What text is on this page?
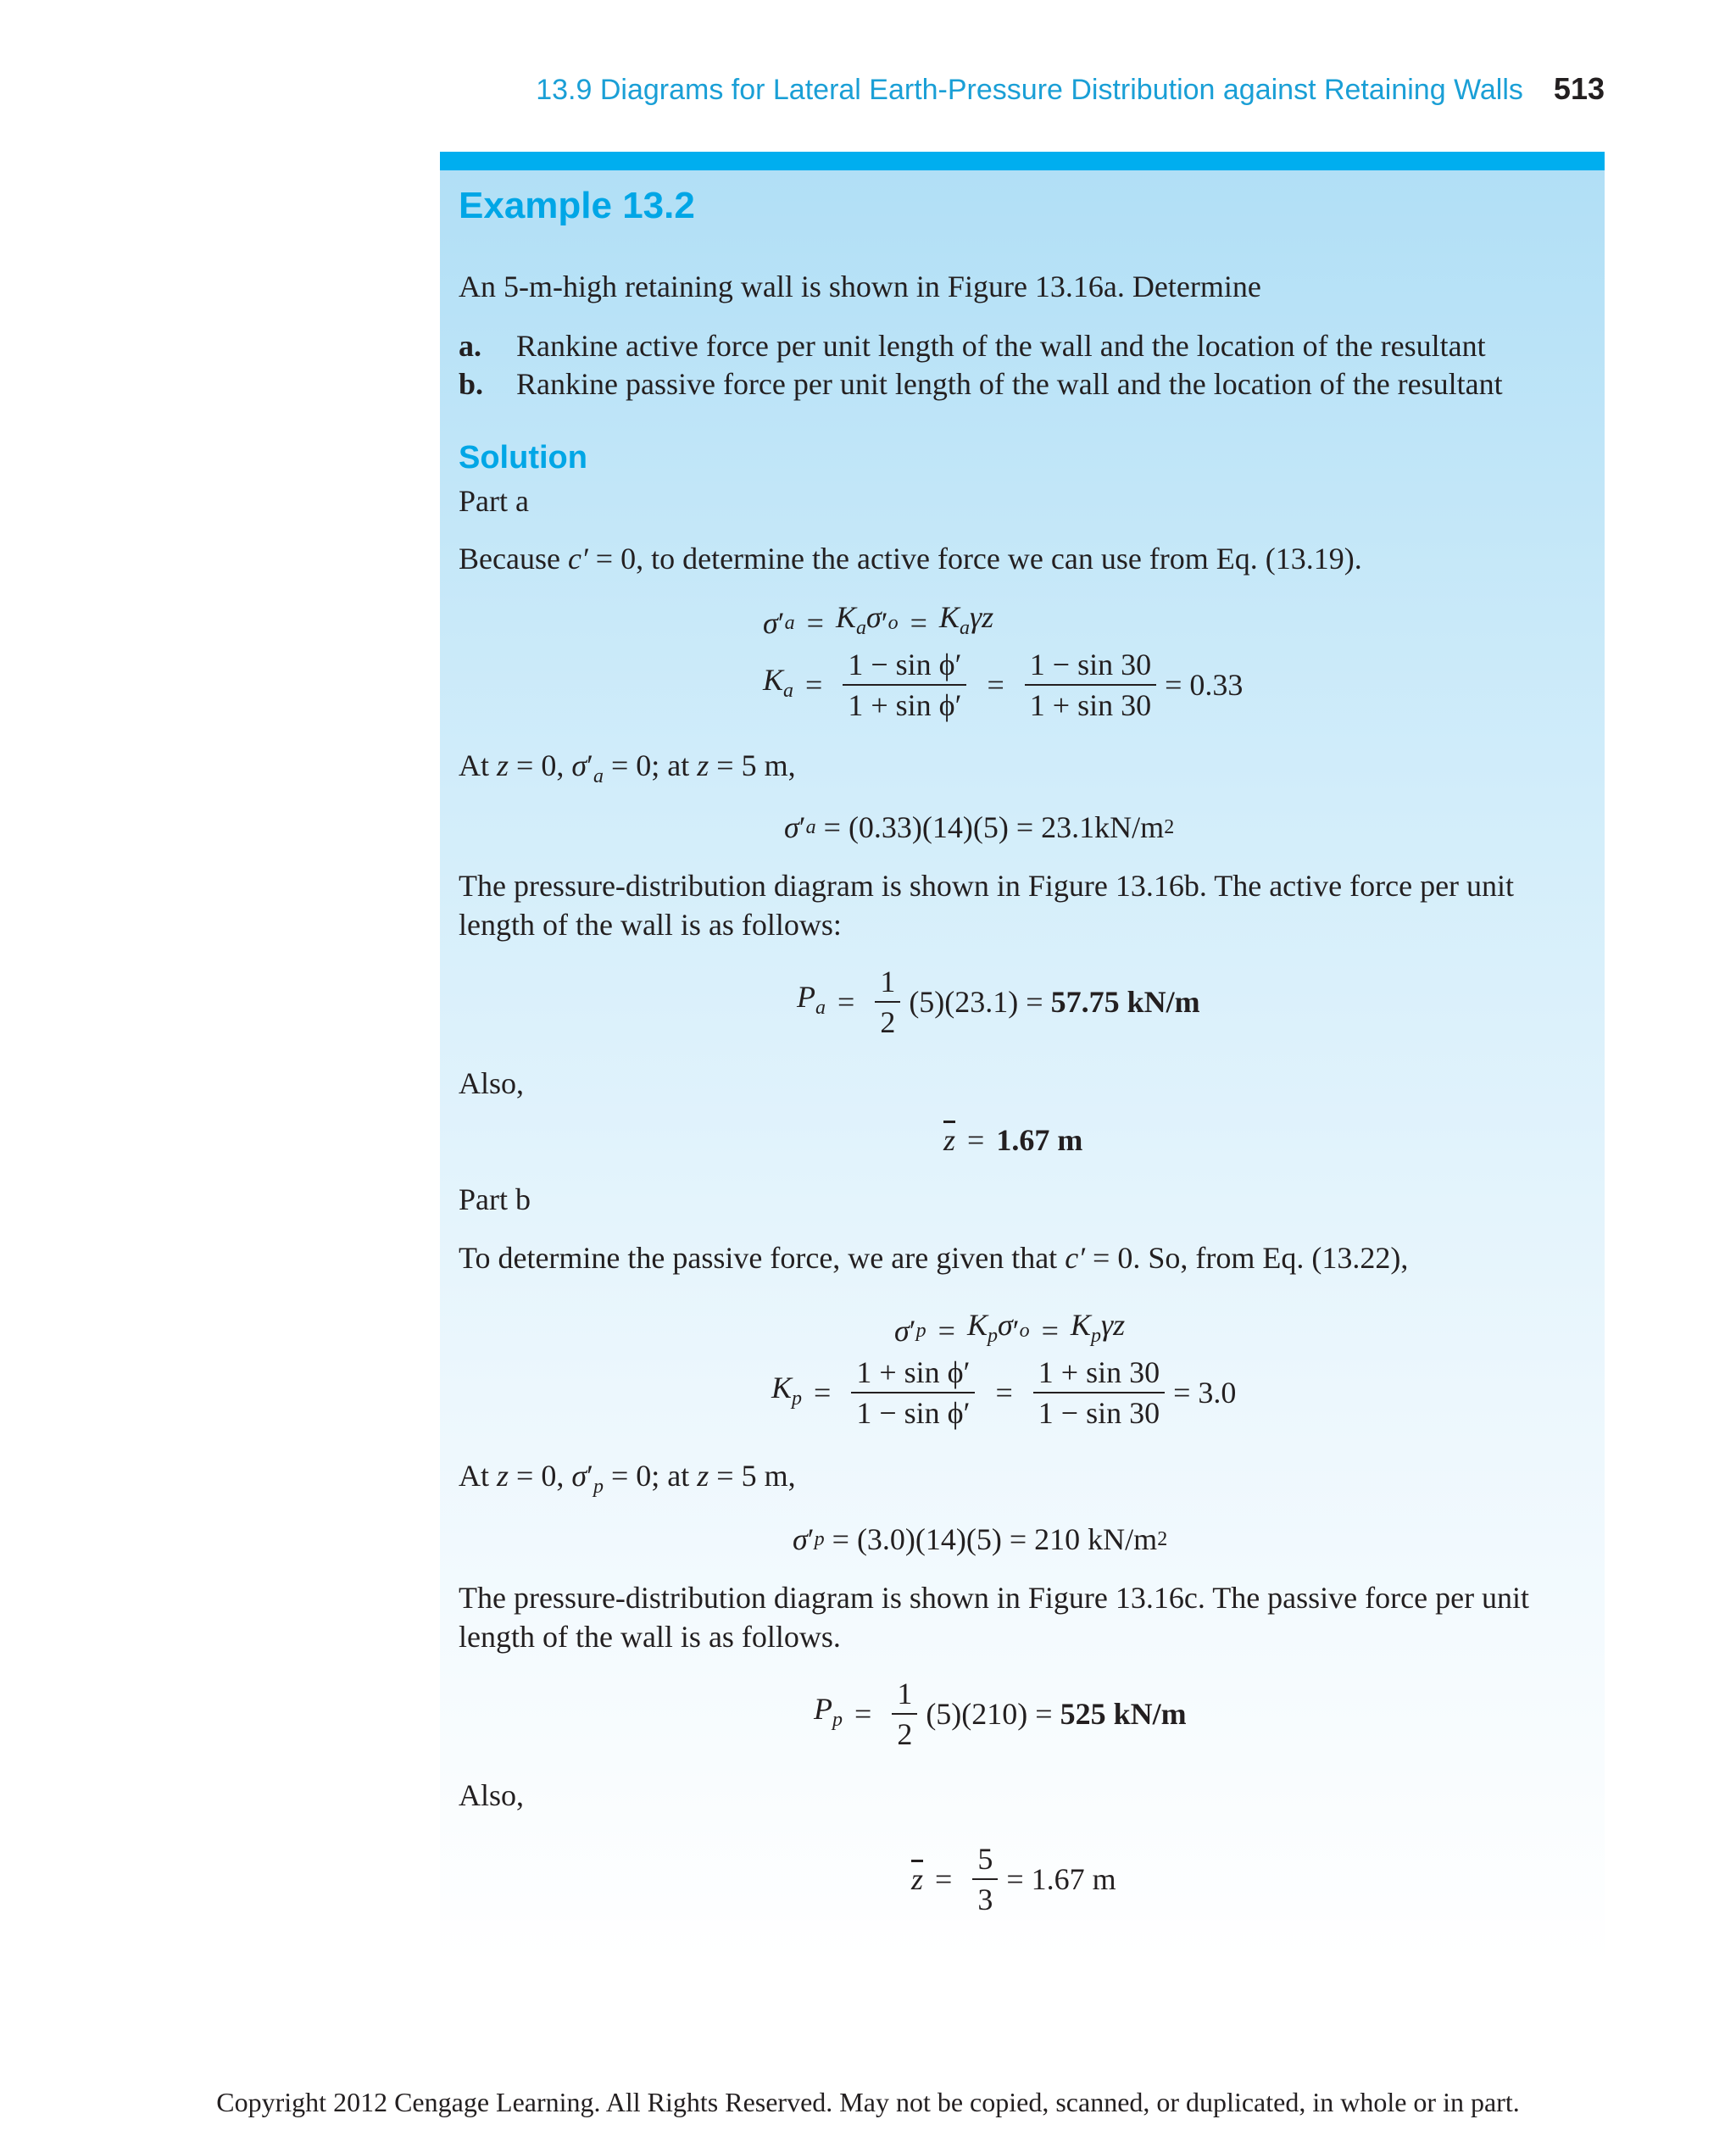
13.9 Diagrams for Lateral Earth-Pressure Distribution against Retaining Walls 513
Example 13.2
An 5-m-high retaining wall is shown in Figure 13.16a. Determine
a. Rankine active force per unit length of the wall and the location of the resultant
b. Rankine passive force per unit length of the wall and the location of the resultant
Solution
Part a
Because c′ = 0, to determine the active force we can use from Eq. (13.19).
σ ′ $a = K_a\sigma$ ′ $o = K_a\gamma z$
$K_a = \frac{\text{1 − sin ϕ′}}{\text{1 + sin ϕ′}} = \frac{1 - \sin 30}{1 + \sin 30} = 0.33$
At z = 0, $\sigma'_a = 0$; at z = 5 m,
σ ′ a
= (0.33)(14)(5) = 23.1kN/m 2
The pressure-distribution diagram is shown in Figure 13.16b. The active force per unit length of the wall is as follows:
$P_a = \frac{1}{2} (5)(23.1)$ =
57.75 kN/m
Also,
$\overline{z} = 1.67$ m
Part b
To determine the passive force, we are given that c′ = 0. So, from Eq. (13.22),
σ ′ $p = K_p\sigma$ ′ $o = K_p\gamma z$
$K_p = \frac{\text{1 + sin ϕ′}}{\text{1 − sin ϕ′}} = \frac{1 + \sin 30}{1 - \sin 30} = 3.0$
At z = 0, $\sigma'_p = 0$; at z = 5 m,
σ ′ p
= (3.0)(14)(5) = 210 kN/m 2
The pressure-distribution diagram is shown in Figure 13.16c. The passive force per unit length of the wall is as follows.
$P_p = \frac{1}{2} (5)(210)$ =
525 kN/m
Also,
$\overline{z} = \frac{5}{3} = 1.67$ m
Copyright 2012 Cengage Learning. All Rights Reserved. May not be copied, scanned, or duplicated, in whole or in part.
